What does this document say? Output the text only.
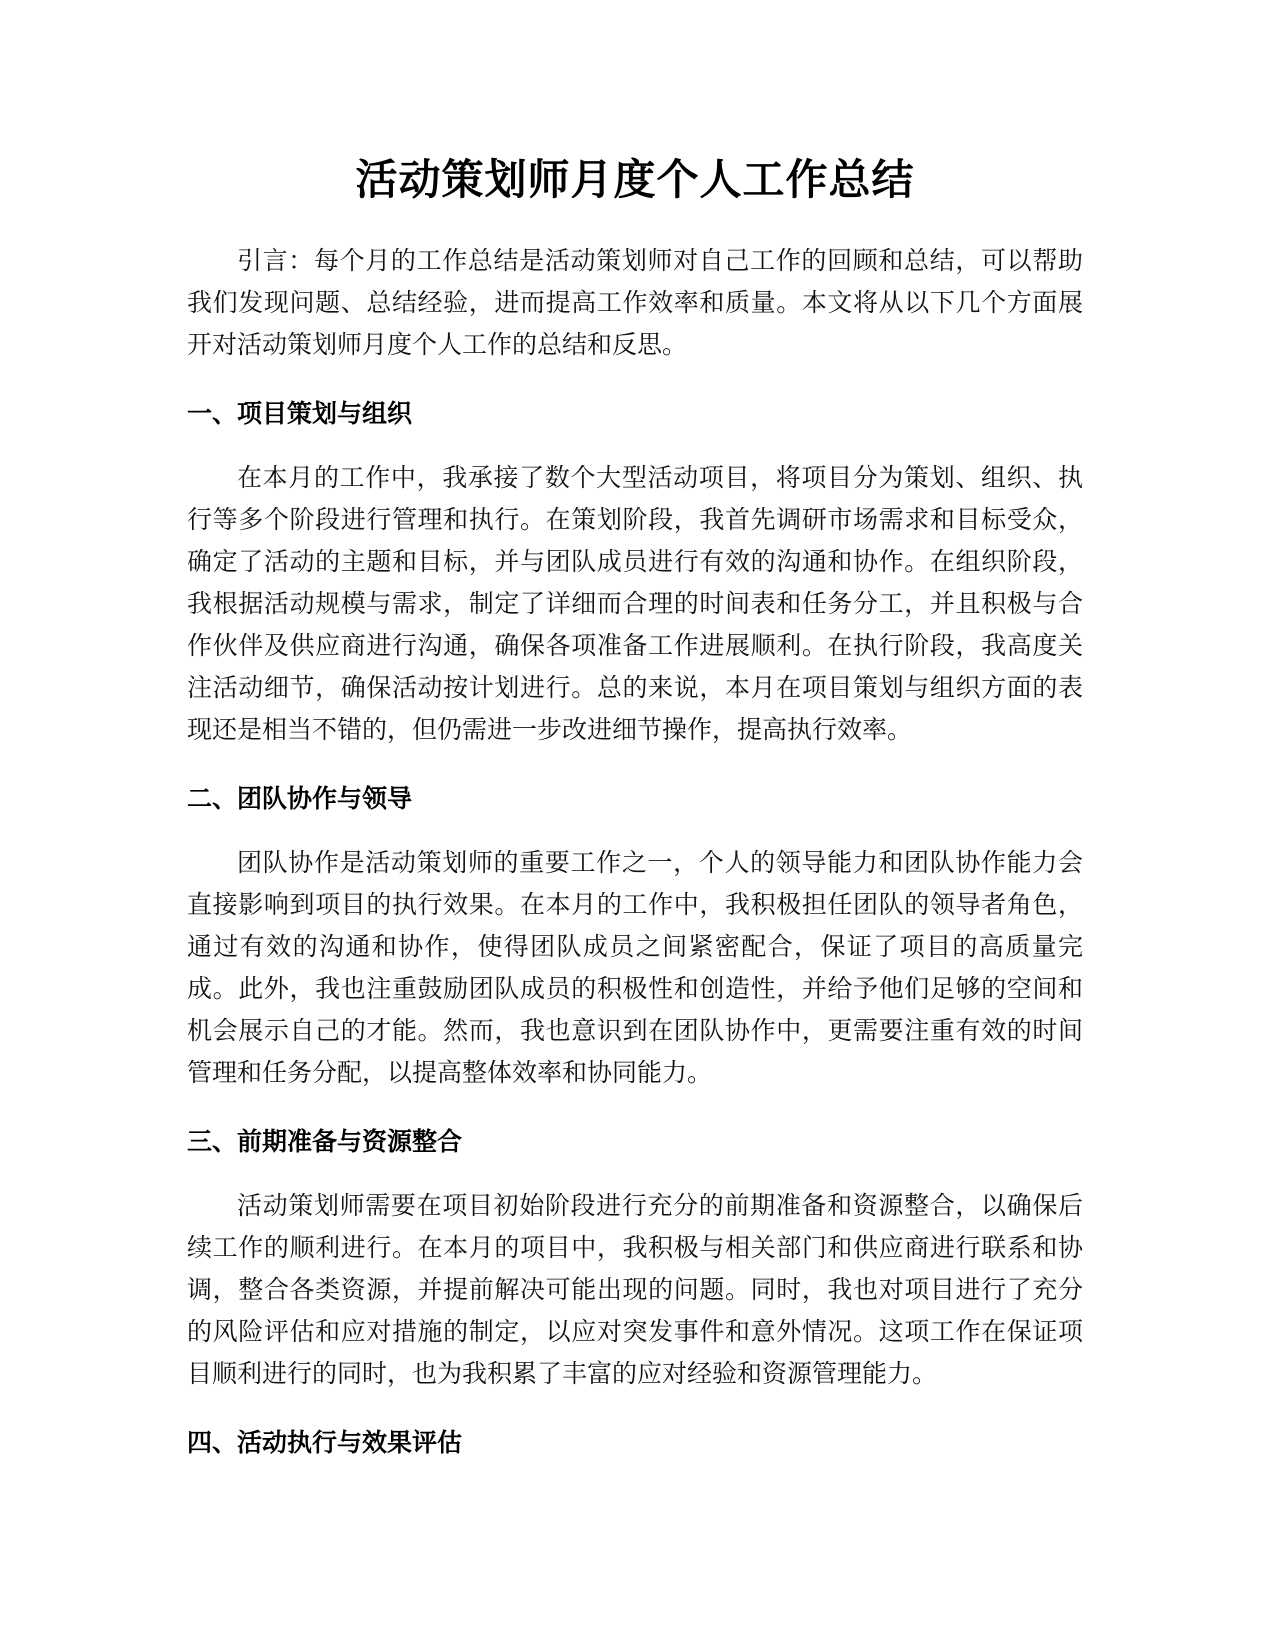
活动策划师月度个人工作总结

引言：每个月的工作总结是活动策划师对自己工作的回顾和总结，可以帮助我们发现问题、总结经验，进而提高工作效率和质量。本文将从以下几个方面展开对活动策划师月度个人工作的总结和反思。

一、项目策划与组织

在本月的工作中，我承接了数个大型活动项目，将项目分为策划、组织、执行等多个阶段进行管理和执行。在策划阶段，我首先调研市场需求和目标受众，确定了活动的主题和目标，并与团队成员进行有效的沟通和协作。在组织阶段，我根据活动规模与需求，制定了详细而合理的时间表和任务分工，并且积极与合作伙伴及供应商进行沟通，确保各项准备工作进展顺利。在执行阶段，我高度关注活动细节，确保活动按计划进行。总的来说，本月在项目策划与组织方面的表现还是相当不错的，但仍需进一步改进细节操作，提高执行效率。

二、团队协作与领导

团队协作是活动策划师的重要工作之一，个人的领导能力和团队协作能力会直接影响到项目的执行效果。在本月的工作中，我积极担任团队的领导者角色，通过有效的沟通和协作，使得团队成员之间紧密配合，保证了项目的高质量完成。此外，我也注重鼓励团队成员的积极性和创造性，并给予他们足够的空间和机会展示自己的才能。然而，我也意识到在团队协作中，更需要注重有效的时间管理和任务分配，以提高整体效率和协同能力。

三、前期准备与资源整合

活动策划师需要在项目初始阶段进行充分的前期准备和资源整合，以确保后续工作的顺利进行。在本月的项目中，我积极与相关部门和供应商进行联系和协调，整合各类资源，并提前解决可能出现的问题。同时，我也对项目进行了充分的风险评估和应对措施的制定，以应对突发事件和意外情况。这项工作在保证项目顺利进行的同时，也为我积累了丰富的应对经验和资源管理能力。

四、活动执行与效果评估
